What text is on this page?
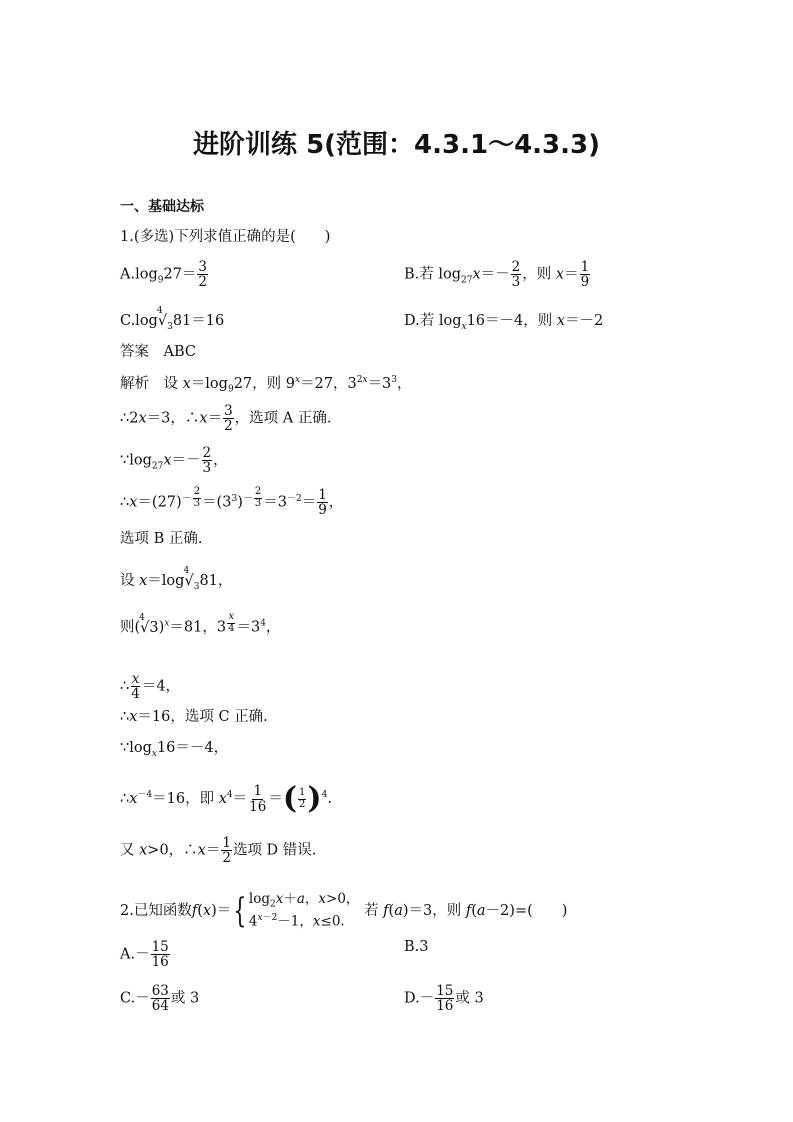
进阶训练 5(范围：4.3.1～4.3.3)
一、基础达标
1.(多选)下列求值正确的是(　　)
$A.\log_927= \frac{3}{2}$	B.若 $\log_{27}x=- \frac{2}{3}$ ，则 $x= \frac{1}{9}$
C.log
4
$√_381=16$	D.若 $\log_x16=-4$，则 x＝－2
答案　ABC
解析　设 $x=\log_927$，则 $9^x=27$，$3^{2x}=3^3$，
∴2x＝3，∴x＝ $\frac{3}{2}$ ，选项 A 正确.
$\because\log_{27}x=- \frac{2}{3}$ ，
$\therefore x=(27)^{- \frac{2}{3}} =(3^3)^{- \frac{2}{3}} =3^{-2}= \frac{1}{9}$ ，
选项 B 正确.
设 x＝log
4
$√_381$，
则(
4
√3)$^x$＝81，3 $^{\frac{x}{4}} =3^4$，
∴ $\frac{x}{4} =4$，
∴x＝16，选项 C 正确.
$\because\log_x16=-4$，
$\therefore x^{-4}=16$，即 $x^4= \frac{1}{16}$ ＝( $\frac{1}{2} )^4$.
又 x>0，∴x＝ $\frac{1}{2}$ 选项 D 错误.
2.已知函数f(x)＝ { $\log_2x+a$，x>0，
$4^{x-2}-1$，x≤0.
若 f(a)＝3，则 f(a－2)=(　　)
$A.- \frac{15}{16}$	B.3
$C.- \frac{63}{64}$ 或 3	$D.- \frac{15}{16}$ 或 3
